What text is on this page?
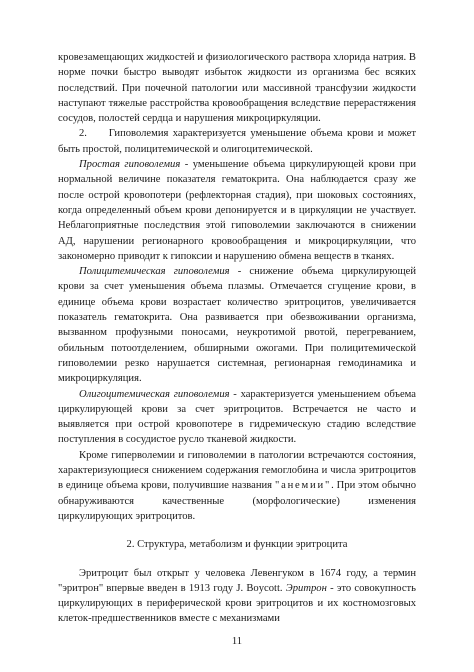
кровезамещающих жидкостей и физиологического раствора хлорида натрия. В норме почки быстро выводят избыток жидкости из организма бес всяких последствий. При почечной патологии или массивной трансфузии жидкости наступают тяжелые расстройства кровообращения вследствие перерастяжения сосудов, полостей сердца и нарушения микроциркуляции.

2. Гиповолемия характеризуется уменьшение объема крови и может быть простой, полицитемической и олигоцитемической.

Простая гиповолемия - уменьшение объема циркулирующей крови при нормальной величине показателя гематокрита. Она наблюдается сразу же после острой кровопотери (рефлекторная стадия), при шоковых состояниях, когда определенный объем крови депонируется и в циркуляции не участвует. Неблагоприятные последствия этой гиповолемии заключаются в снижении АД, нарушении регионарного кровообращения и микроциркуляции, что закономерно приводит к гипоксии и нарушению обмена веществ в тканях.

Полицитемическая гиповолемия - снижение объема циркулирующей крови за счет уменьшения объема плазмы. Отмечается сгущение крови, в единице объема крови возрастает количество эритроцитов, увеличивается показатель гематокрита. Она развивается при обезвоживании организма, вызванном профузными поносами, неукротимой рвотой, перегреванием, обильным потоотделением, обширными ожогами. При полицитемической гиповолемии резко нарушается системная, регионарная гемодинамика и микроциркуляция.

Олигоцитемическая гиповолемия - характеризуется уменьшением объема циркулирующей крови за счет эритроцитов. Встречается не часто и выявляется при острой кровопотере в гидремическую стадию вследствие поступления в сосудистое русло тканевой жидкости.

Кроме гиперволемии и гиповолемии в патологии встречаются состояния, характеризующиеся снижением содержания гемоглобина и числа эритроцитов в единице объема крови, получившие названия "анемии". При этом обычно обнаруживаются качественные (морфологические) изменения циркулирующих эритроцитов.

2. Структура, метаболизм и функции эритроцита

Эритроцит был открыт у человека Левенгуком в 1674 году, а термин "эритрон" впервые введен в 1913 году J. Boycott. Эритрон - это совокупность циркулирующих в периферической крови эритроцитов и их костномозговых клеток-предшественников вместе с механизмами

11
